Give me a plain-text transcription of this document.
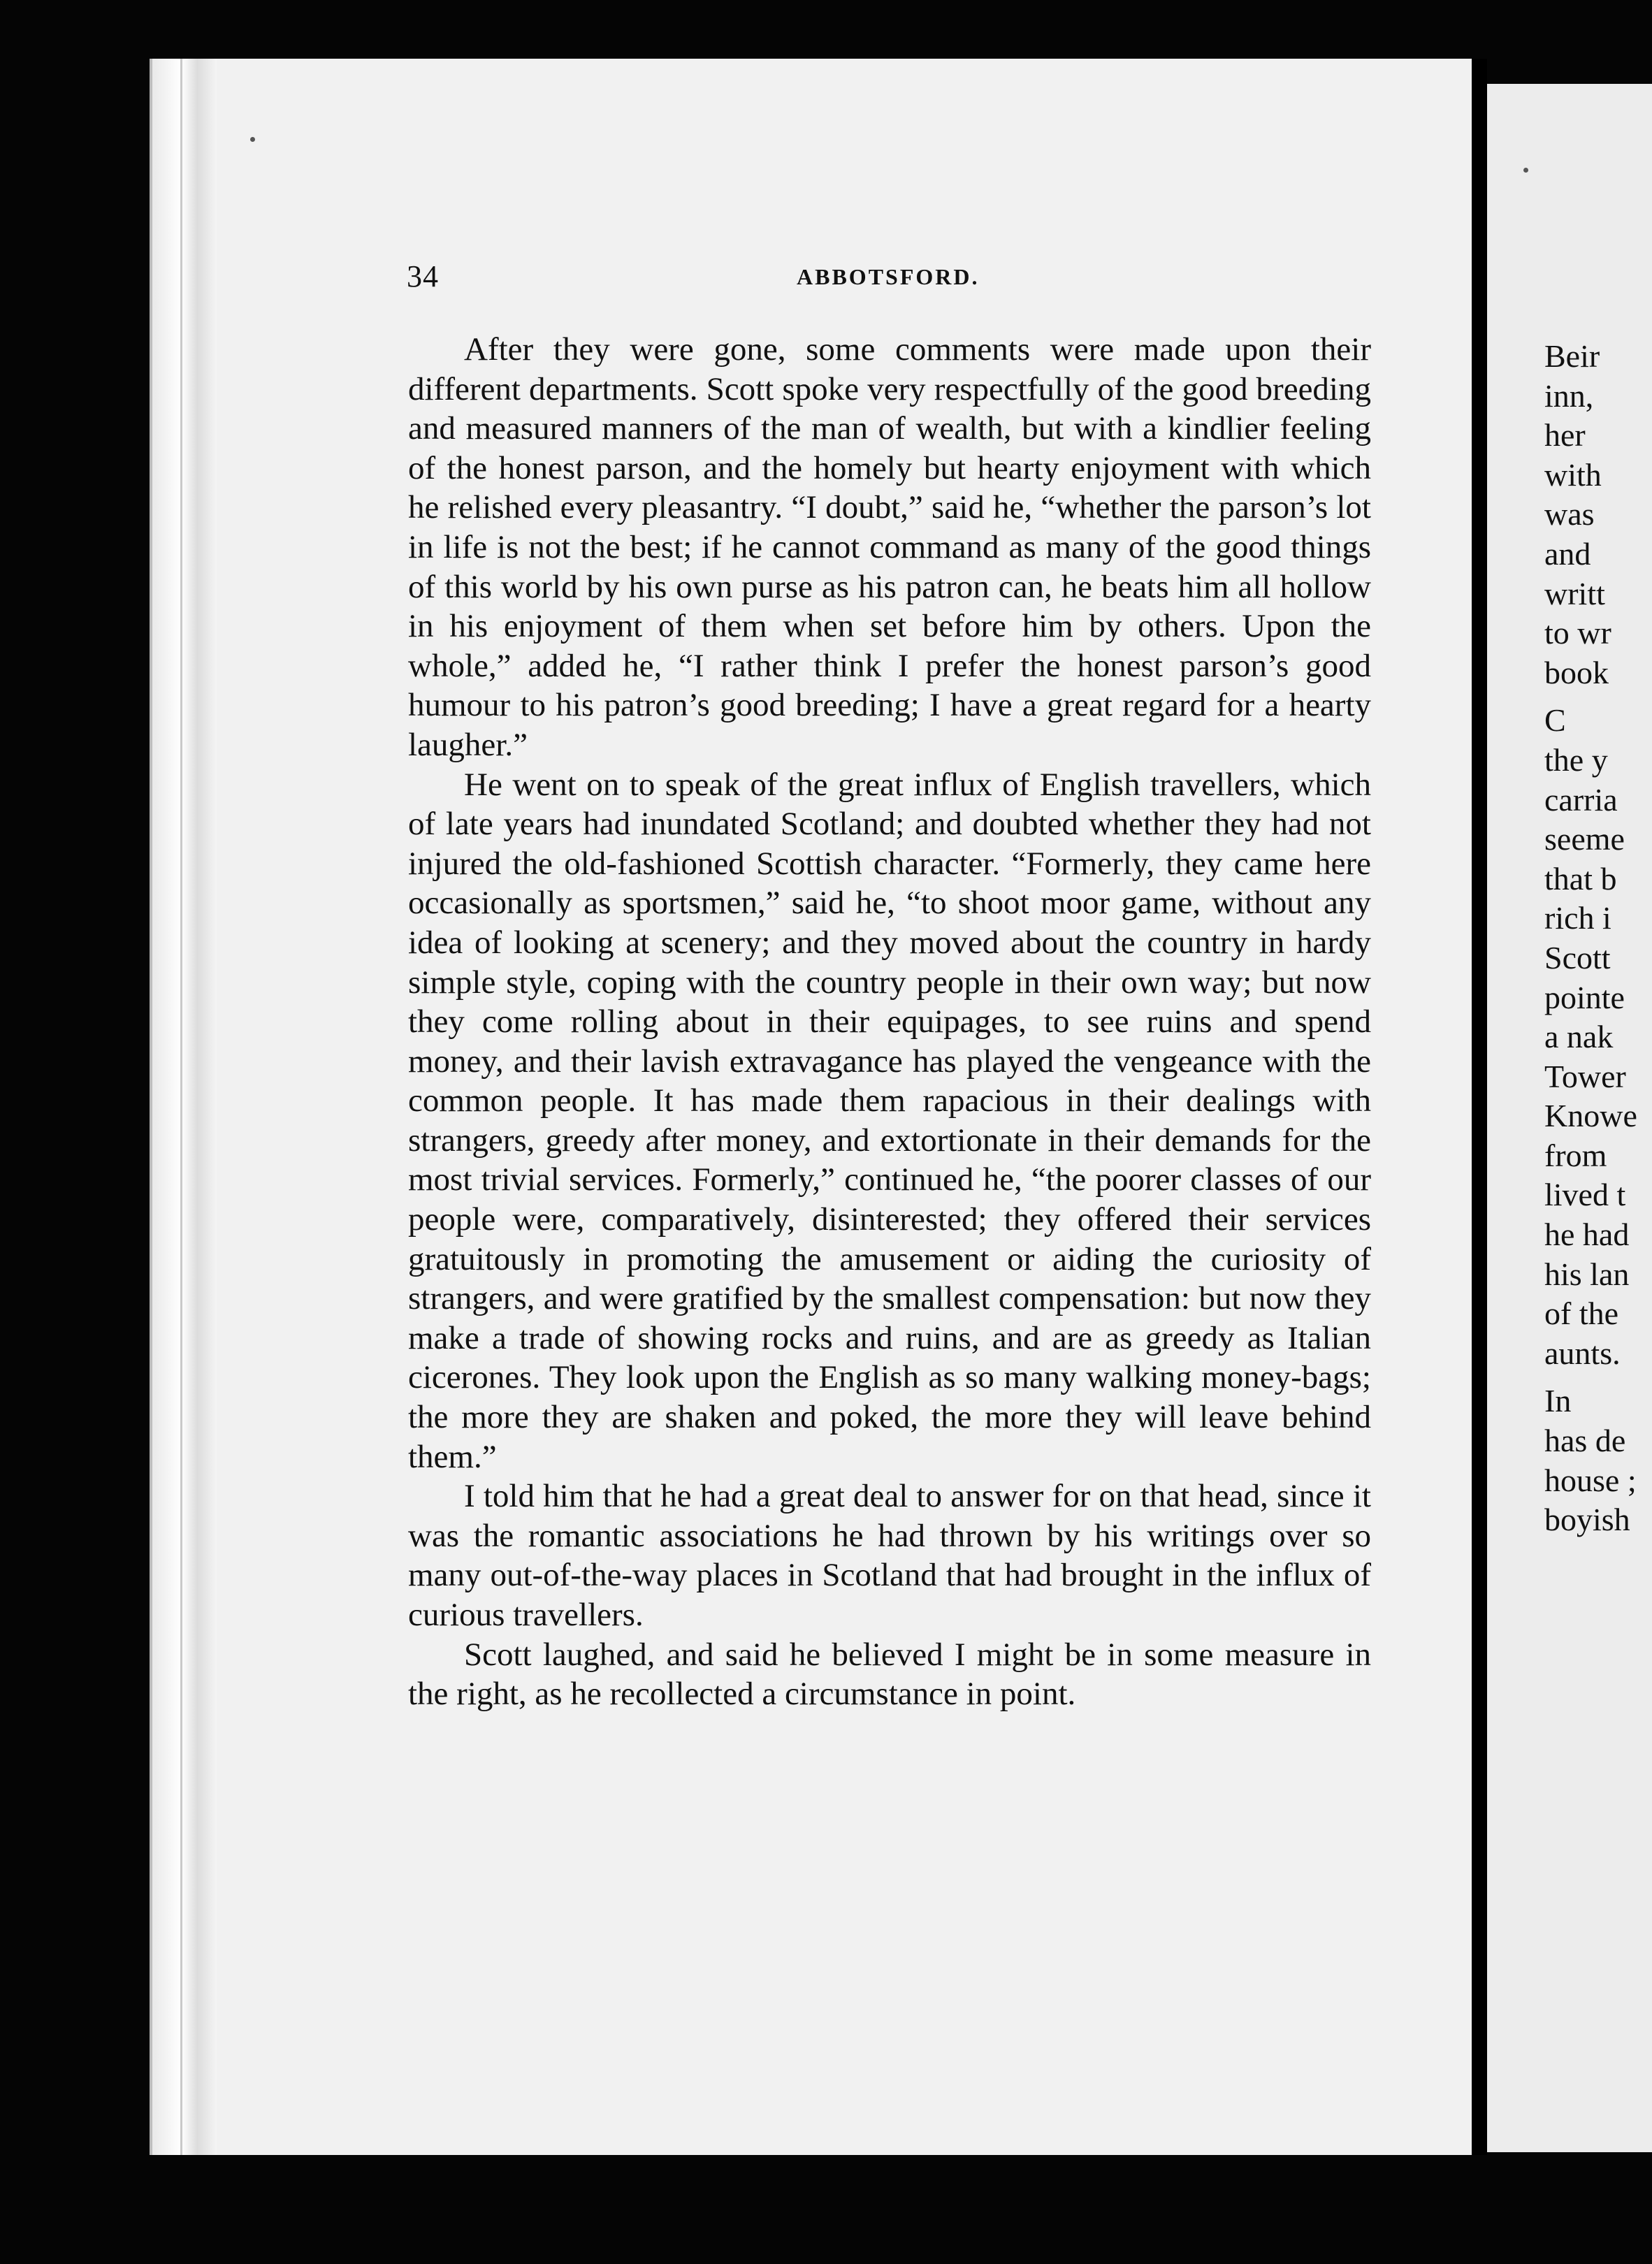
34	ABBOTSFORD.

After they were gone, some comments were made upon their different departments. Scott spoke very respectfully of the good breeding and measured manners of the man of wealth, but with a kindlier feeling of the honest parson, and the homely but hearty enjoyment with which he relished every pleasantry. “I doubt,” said he, “whether the parson’s lot in life is not the best; if he cannot command as many of the good things of this world by his own purse as his patron can, he beats him all hollow in his enjoyment of them when set before him by others. Upon the whole,” added he, “I rather think I prefer the honest parson’s good humour to his patron’s good breeding; I have a great regard for a hearty laugher.”

He went on to speak of the great influx of English travellers, which of late years had inundated Scotland; and doubted whether they had not injured the old-fashioned Scottish character. “Formerly, they came here occasionally as sportsmen,” said he, “to shoot moor game, without any idea of looking at scenery; and they moved about the country in hardy simple style, coping with the country people in their own way; but now they come rolling about in their equipages, to see ruins and spend money, and their lavish extravagance has played the vengeance with the common people. It has made them rapacious in their dealings with strangers, greedy after money, and extortionate in their demands for the most trivial services. Formerly,” continued he, “the poorer classes of our people were, comparatively, disinterested; they offered their services gratuitously in promoting the amusement or aiding the curiosity of strangers, and were gratified by the smallest compensation: but now they make a trade of showing rocks and ruins, and are as greedy as Italian cicerones. They look upon the English as so many walking money-bags; the more they are shaken and poked, the more they will leave behind them.”

I told him that he had a great deal to answer for on that head, since it was the romantic associations he had thrown by his writings over so many out-of-the-way places in Scotland that had brought in the influx of curious travellers.

Scott laughed, and said he believed I might be in some measure in the right, as he recollected a circumstance in point.

Beir
inn,
her
with
was
and
writt
to wr
book
C
the y
carria
seeme
that b
rich i
Scott
pointe
a nak
Tower
Knowe
from
lived t
he had
his lan
of the
aunts.
In
has de
house ;
boyish
